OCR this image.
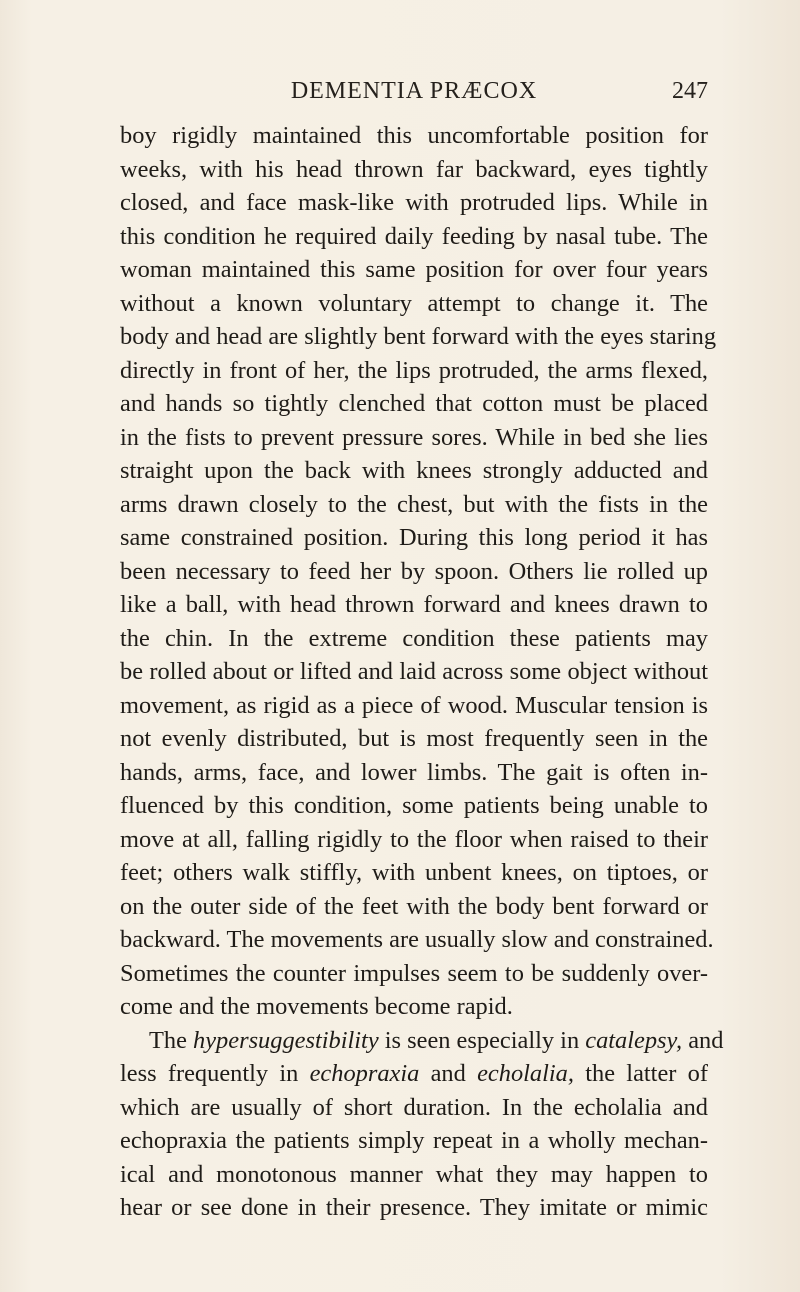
DEMENTIA PRÆCOX	247
boy rigidly maintained this uncomfortable position for
weeks, with his head thrown far backward, eyes tightly
closed, and face mask-like with protruded lips. While in
this condition he required daily feeding by nasal tube. The
woman maintained this same position for over four years
without a known voluntary attempt to change it. The
body and head are slightly bent forward with the eyes staring
directly in front of her, the lips protruded, the arms flexed,
and hands so tightly clenched that cotton must be placed
in the fists to prevent pressure sores. While in bed she lies
straight upon the back with knees strongly adducted and
arms drawn closely to the chest, but with the fists in the
same constrained position. During this long period it has
been necessary to feed her by spoon. Others lie rolled up
like a ball, with head thrown forward and knees drawn to
the chin. In the extreme condition these patients may
be rolled about or lifted and laid across some object without
movement, as rigid as a piece of wood. Muscular tension is
not evenly distributed, but is most frequently seen in the
hands, arms, face, and lower limbs. The gait is often in-
fluenced by this condition, some patients being unable to
move at all, falling rigidly to the floor when raised to their
feet; others walk stiffly, with unbent knees, on tiptoes, or
on the outer side of the feet with the body bent forward or
backward. The movements are usually slow and constrained.
Sometimes the counter impulses seem to be suddenly over-
come and the movements become rapid.
The hypersuggestibility is seen especially in catalepsy, and
less frequently in echopraxia and echolalia, the latter of
which are usually of short duration. In the echolalia and
echopraxia the patients simply repeat in a wholly mechan-
ical and monotonous manner what they may happen to
hear or see done in their presence. They imitate or mimic
